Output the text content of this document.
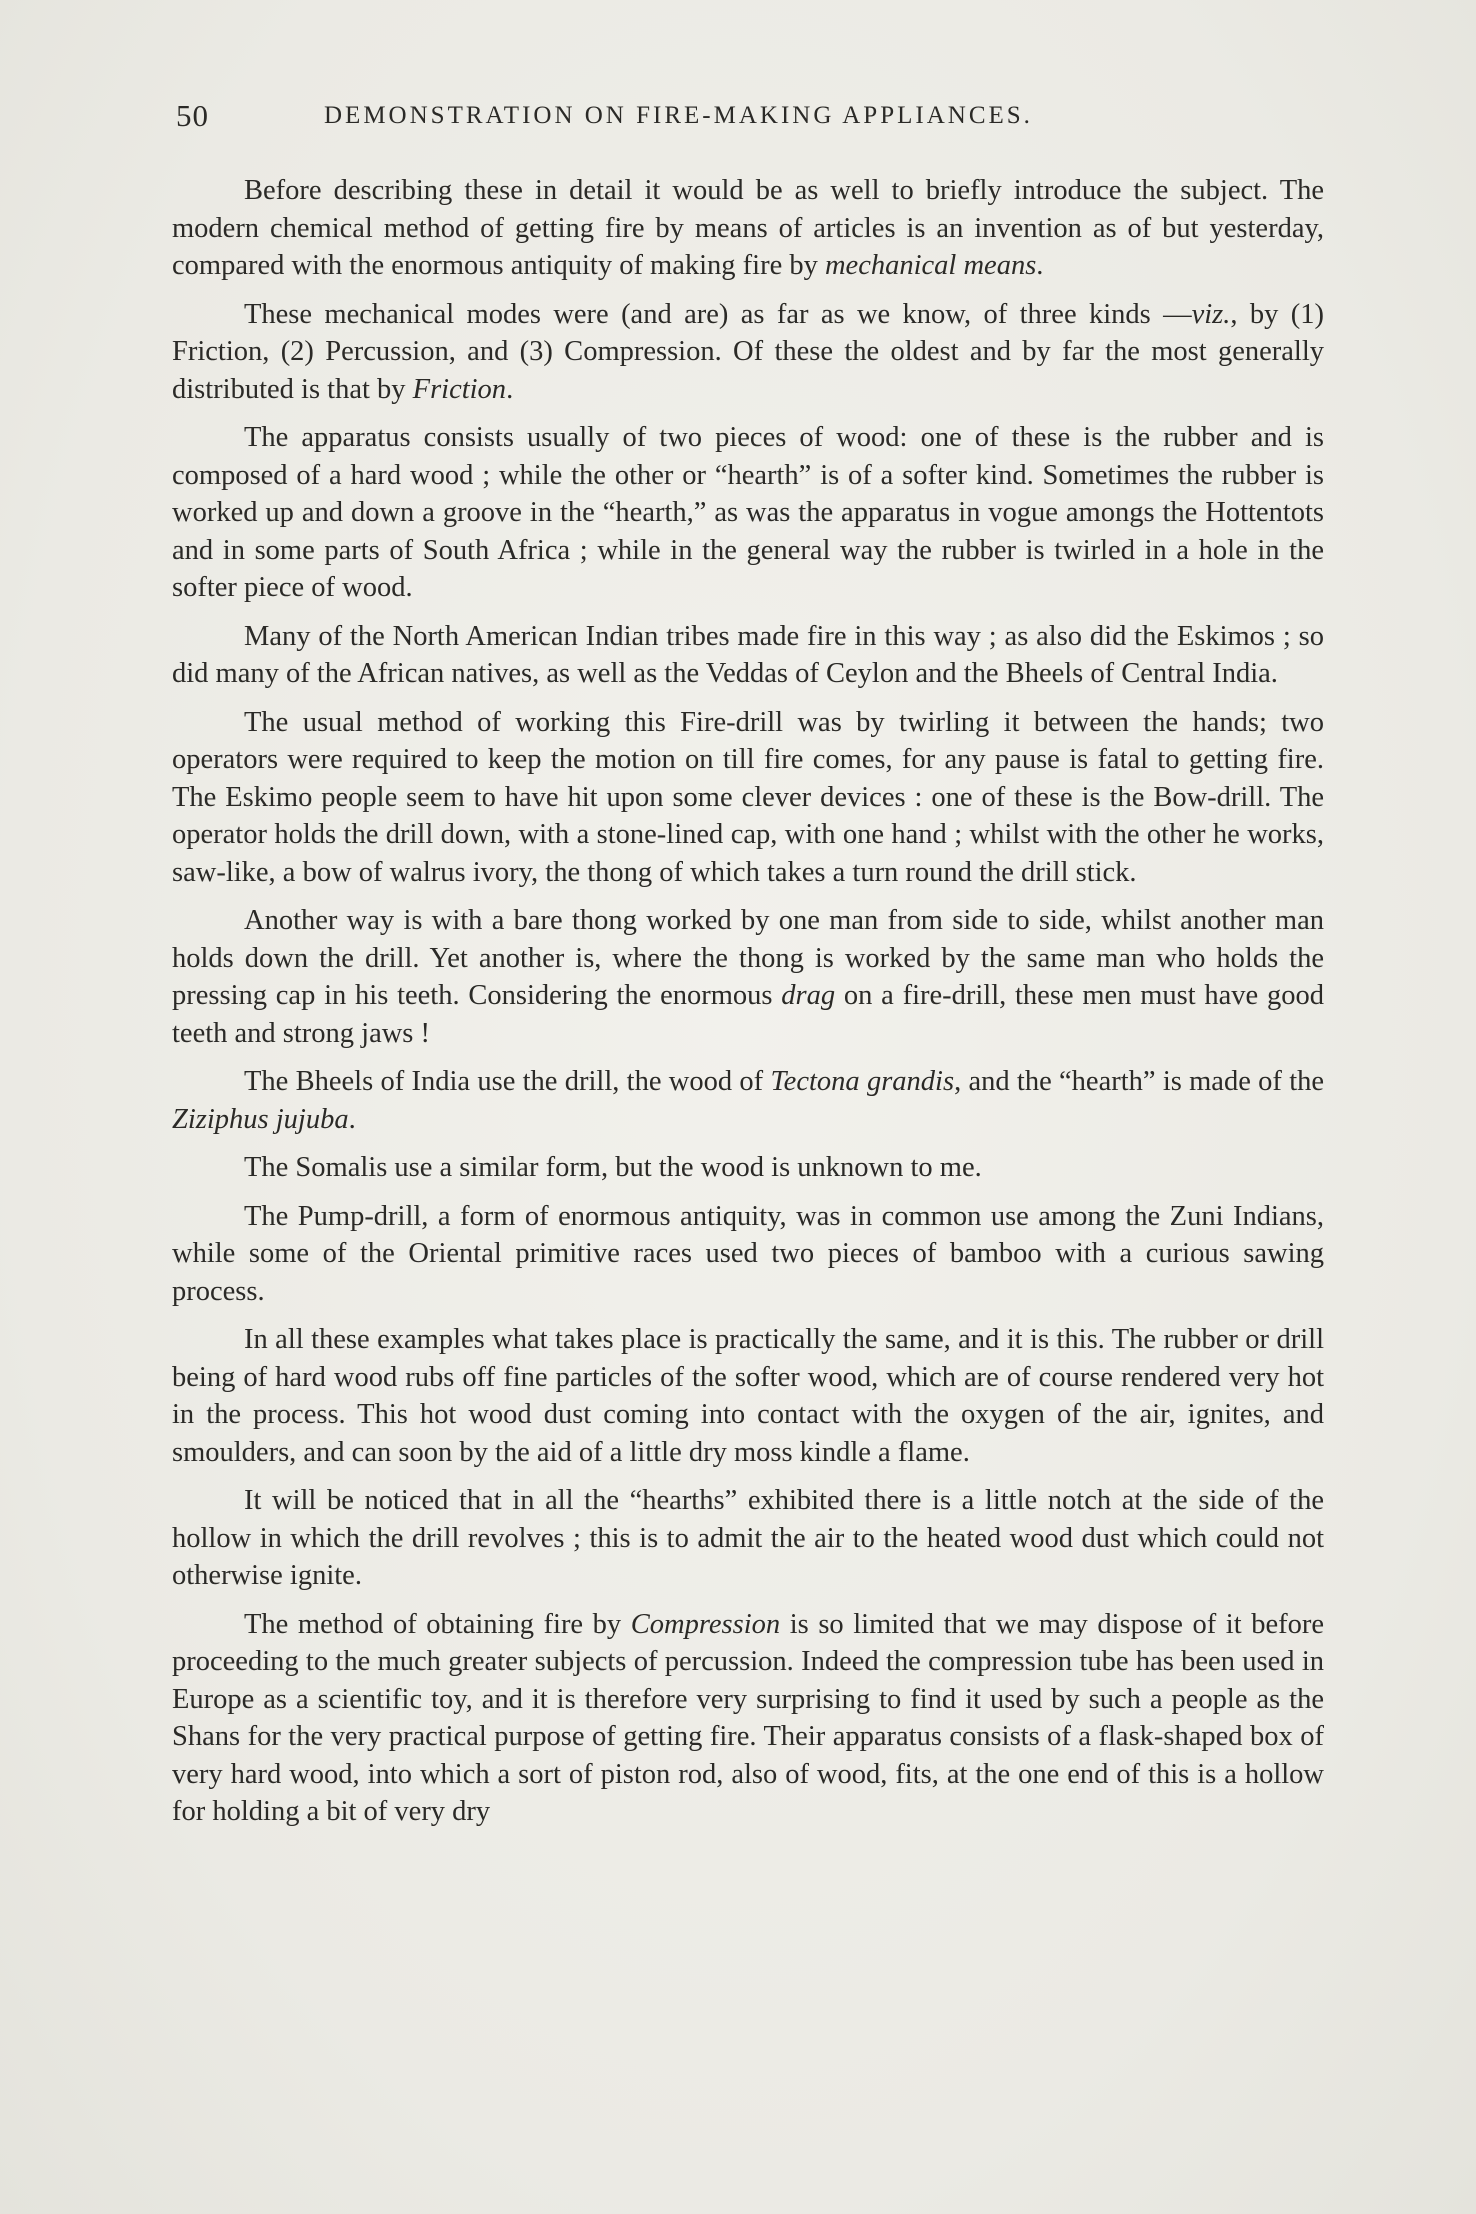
50	DEMONSTRATION ON FIRE-MAKING APPLIANCES.

Before describing these in detail it would be as well to briefly introduce the subject. The modern chemical method of getting fire by means of articles is an invention as of but yesterday, compared with the enormous antiquity of making fire by mechanical means.

These mechanical modes were (and are) as far as we know, of three kinds —viz., by (1) Friction, (2) Percussion, and (3) Compression. Of these the oldest and by far the most generally distributed is that by Friction.

The apparatus consists usually of two pieces of wood: one of these is the rubber and is composed of a hard wood ; while the other or “hearth” is of a softer kind. Sometimes the rubber is worked up and down a groove in the “hearth,” as was the apparatus in vogue amongs the Hottentots and in some parts of South Africa ; while in the general way the rubber is twirled in a hole in the softer piece of wood.

Many of the North American Indian tribes made fire in this way ; as also did the Eskimos ; so did many of the African natives, as well as the Veddas of Ceylon and the Bheels of Central India.

The usual method of working this Fire-drill was by twirling it between the hands; two operators were required to keep the motion on till fire comes, for any pause is fatal to getting fire. The Eskimo people seem to have hit upon some clever devices : one of these is the Bow-drill. The operator holds the drill down, with a stone-lined cap, with one hand ; whilst with the other he works, saw-like, a bow of walrus ivory, the thong of which takes a turn round the drill stick.

Another way is with a bare thong worked by one man from side to side, whilst another man holds down the drill. Yet another is, where the thong is worked by the same man who holds the pressing cap in his teeth. Considering the enormous drag on a fire-drill, these men must have good teeth and strong jaws !

The Bheels of India use the drill, the wood of Tectona grandis, and the “hearth” is made of the Ziziphus jujuba.

The Somalis use a similar form, but the wood is unknown to me.

The Pump-drill, a form of enormous antiquity, was in common use among the Zuni Indians, while some of the Oriental primitive races used two pieces of bamboo with a curious sawing process.

In all these examples what takes place is practically the same, and it is this. The rubber or drill being of hard wood rubs off fine particles of the softer wood, which are of course rendered very hot in the process. This hot wood dust coming into contact with the oxygen of the air, ignites, and smoulders, and can soon by the aid of a little dry moss kindle a flame.

It will be noticed that in all the “hearths” exhibited there is a little notch at the side of the hollow in which the drill revolves ; this is to admit the air to the heated wood dust which could not otherwise ignite.

The method of obtaining fire by Compression is so limited that we may dispose of it before proceeding to the much greater subjects of percussion. Indeed the compression tube has been used in Europe as a scientific toy, and it is therefore very surprising to find it used by such a people as the Shans for the very practical purpose of getting fire. Their apparatus consists of a flask-shaped box of very hard wood, into which a sort of piston rod, also of wood, fits, at the one end of this is a hollow for holding a bit of very dry
